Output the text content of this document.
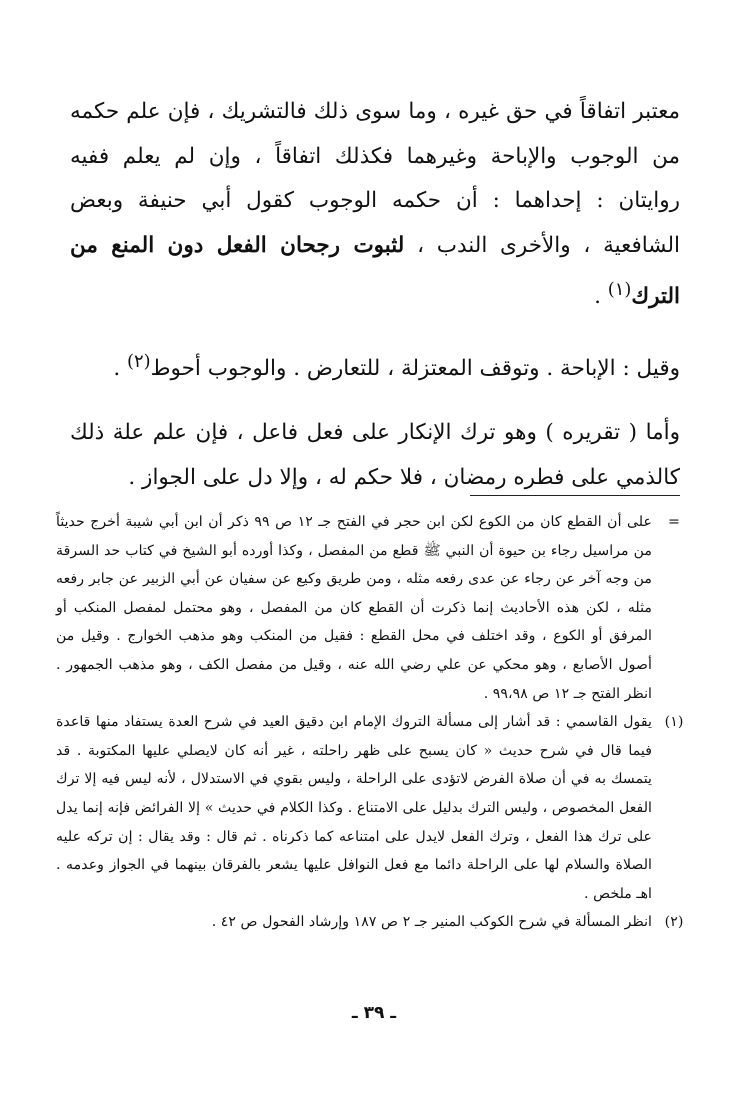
معتبر اتفاقاً في حق غيره ، وما سوى ذلك فالتشريك ، فإن علم حكمه من الوجوب والإباحة وغيرهما فكذلك اتفاقاً ، وإن لم يعلم ففيه روايتان : إحداهما : أن حكمه الوجوب كقول أبي حنيفة وبعض الشافعية ، والأخرى الندب ، لثبوت رجحان الفعل دون المنع من الترك$^{(١)}$ .

وقيل : الإباحة . وتوقف المعتزلة ، للتعارض . والوجوب أحوط$^{(٢)}$ .

وأما ( تقريره ) وهو ترك الإنكار على فعل فاعل ، فإن علم علة ذلك كالذمي على فطره رمضان ، فلا حكم له ، وإلا دل على الجواز .

=
على أن القطع كان من الكوع لكن ابن حجر في الفتح جـ ١٢ ص ٩٩ ذكر أن ابن أبي شيبة أخرج حديثاً من مراسيل رجاء بن حيوة أن النبي ﷺ قطع من المفصل ، وكذا أورده أبو الشيخ في كتاب حد السرقة من وجه آخر عن رجاء عن عدى رفعه مثله ، ومن طريق وكيع عن سفيان عن أبي الزبير عن جابر رفعه مثله ، لكن هذه الأحاديث إنما ذكرت أن القطع كان من المفصل ، وهو محتمل لمفصل المنكب أو المرفق أو الكوع ، وقد اختلف في محل القطع : فقيل من المنكب وهو مذهب الخوارج . وقيل من أصول الأصابع ، وهو محكي عن علي رضي الله عنه ، وقيل من مفصل الكف ، وهو مذهب الجمهور . انظر الفتح جـ ١٢ ص ٩٩،٩٨ .
(١)
يقول القاسمي : قد أشار إلى مسألة التروك الإمام ابن دقيق العيد في شرح العدة يستفاد منها قاعدة فيما قال في شرح حديث « كان يسبح على ظهر راحلته ، غير أنه كان لايصلي عليها المكتوبة . قد يتمسك به في أن صلاة الفرض لاتؤدى على الراحلة ، وليس بقوي في الاستدلال ، لأنه ليس فيه إلا ترك الفعل المخصوص ، وليس الترك بدليل على الامتناع . وكذا الكلام في حديث » إلا الفرائض فإنه إنما يدل على ترك هذا الفعل ، وترك الفعل لايدل على امتناعه كما ذكرناه . ثم قال : وقد يقال : إن تركه عليه الصلاة والسلام لها على الراحلة دائما مع فعل النوافل عليها يشعر بالفرقان بينهما في الجواز وعدمه . اهـ ملخص .
(٢)
انظر المسألة في شرح الكوكب المنير جـ ٢ ص ١٨٧ وإرشاد الفحول ص ٤٢ .
ـ ٣٩ ـ
